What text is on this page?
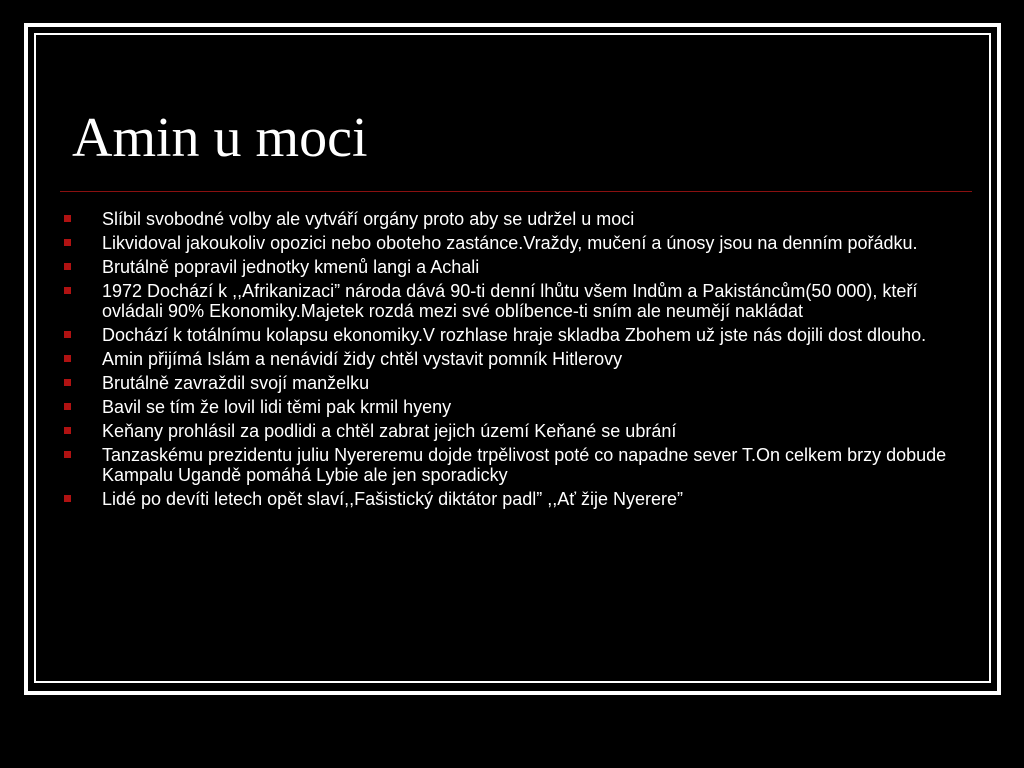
Amin u moci
Slíbil svobodné volby ale vytváří orgány proto aby se udržel u moci
Likvidoval jakoukoliv opozici nebo oboteho zastánce.Vraždy, mučení a únosy jsou na denním pořádku.
Brutálně popravil jednotky kmenů langi a Achali
1972 Dochází k ,,Afrikanizaci” národa dává 90-ti denní lhůtu všem Indům a Pakistáncům(50 000), kteří ovládali 90% Ekonomiky.Majetek rozdá mezi své oblíbence-ti sním ale neumějí nakládat
Dochází k totálnímu kolapsu ekonomiky.V rozhlase hraje skladba Zbohem už jste nás dojili dost dlouho.
Amin přijímá Islám a nenávidí židy chtěl vystavit pomník Hitlerovy
Brutálně zavraždil svojí manželku
Bavil se tím že lovil lidi těmi pak krmil hyeny
Keňany prohlásil za podlidi a chtěl zabrat jejich území Keňané se ubrání
Tanzaskému prezidentu juliu Nyereremu dojde trpělivost poté co napadne sever T.On celkem brzy dobude Kampalu Ugandě pomáhá Lybie ale jen sporadicky
Lidé po devíti letech opět slaví,,Fašistický diktátor padl” ,,Ať žije Nyerere”
